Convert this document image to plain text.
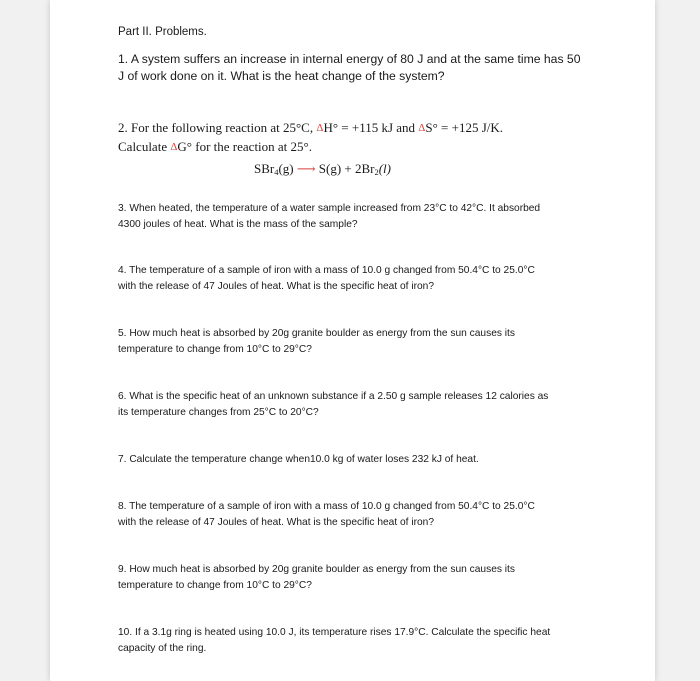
Part II. Problems.
1. A system suffers an increase in internal energy of 80 J and at the same time has 50
J of work done on it. What is the heat change of the system?
2. For the following reaction at 25°C, ΔH° = +115 kJ and ΔS° = +125 J/K.
Calculate ΔG° for the reaction at 25°.
SBr$_4$(g) ⟶ $S(g) + 2Br_2(l)$
3. When heated, the temperature of a water sample increased from 23°C to 42°C. It absorbed
4300 joules of heat. What is the mass of the sample?
4. The temperature of a sample of iron with a mass of 10.0 g changed from 50.4°C to 25.0°C
with the release of 47 Joules of heat. What is the specific heat of iron?
5. How much heat is absorbed by 20g granite boulder as energy from the sun causes its
temperature to change from 10°C to 29°C?
6. What is the specific heat of an unknown substance if a 2.50 g sample releases 12 calories as
its temperature changes from 25°C to 20°C?
7. Calculate the temperature change when10.0 kg of water loses 232 kJ of heat.
8. The temperature of a sample of iron with a mass of 10.0 g changed from 50.4°C to 25.0°C
with the release of 47 Joules of heat. What is the specific heat of iron?
9. How much heat is absorbed by 20g granite boulder as energy from the sun causes its
temperature to change from 10°C to 29°C?
10. If a 3.1g ring is heated using 10.0 J, its temperature rises 17.9°C. Calculate the specific heat
capacity of the ring.
